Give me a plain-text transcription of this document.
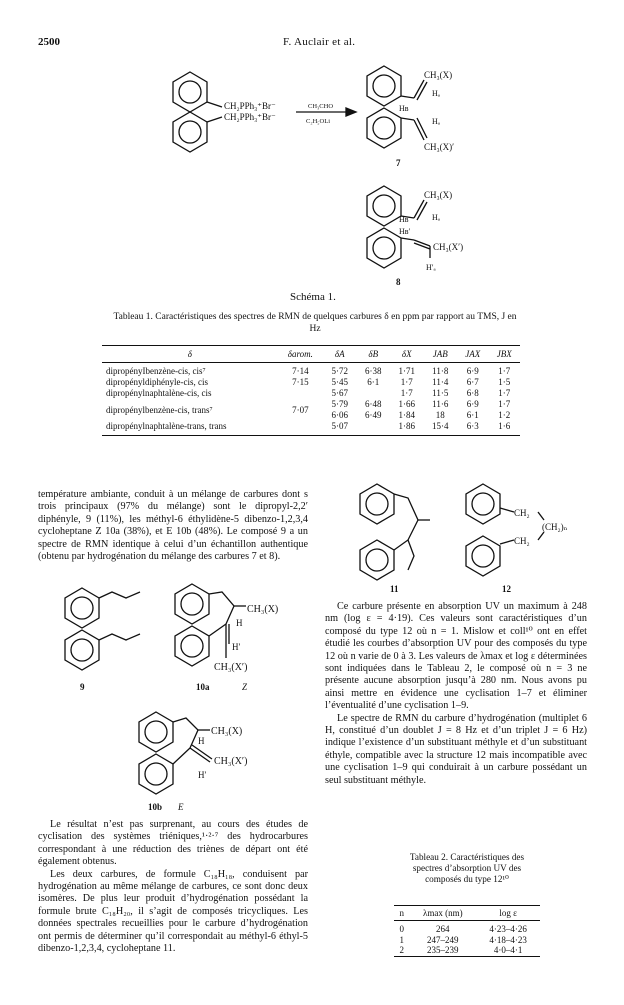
2500	F. Auclair et al.
CH₂PPh₃⁺Br⁻
CH₂PPh₃⁺Br⁻
CH₃CHO
C₂H₅OLi
CH₃(X)
Hₐ
Hʙ
Hₐ
CH₃(X)′
7
CH₃(X)
Hʙ	Hₐ
Hʙ′
CH₃(X′)
H′ₐ
8
Schéma 1.
Tableau 1. Caractéristiques des spectres de RMN de quelques carbures δ en ppm par rapport au TMS, J en Hz
δ	δarom.	δA	δB	δX	JAB	JAX	JBX
dipropényIbenzène-cis, cis⁷	7·14	5·72	6·38	1·71	11·8	6·9	1·7
dipropényldiphényle-cis, cis	7·15	5·45	6·1	1·7	11·4	6·7	1·5
dipropénylnaphtalène-cis, cis		5·67		1·7	11·5	6·8	1·7
dipropénylbenzène-cis, trans⁷	7·07	5·79	6·48	1·66	11·6	6·9	1·7
		6·06	6·49	1·84	18	6·1	1·2
dipropénylnaphtalène-trans, trans		5·07		1·86	15·4	6·3	1·6
température ambiante, conduit à un mélange de carbures dont s trois principaux (97% du mélange) sont le dipropyl-2,2′ diphényle, 9 (11%), les méthyl-6 éthylidène-5 dibenzo-1,2,3,4 cycloheptane Z 10a (38%), et E 10b (48%). Le composé 9 a un spectre de RMN identique à celui d’un échantillon authentique (obtenu par hydrogénation du mélange des carbures 7 et 8).
9
CH₃(X)
H
H′
CH₃(X′)
10a	Z
CH₃(X)
H
CH₃(X′)
H′
10b E
11
CH₂
(CH₂)ₙ
CH₂
12
Le résultat n’est pas surprenant, au cours des études de cyclisation des systèmes triéniques,¹·²·⁷ des hydrocarbures correspondant à une réduction des triènes de départ ont été également obtenus.
Les deux carbures, de formule C₁₈H₁₈, conduisent par hydrogénation au même mélange de carbures, ce sont donc deux isomères. De plus leur produit d’hydrogénation possédant la formule brute C₁₈H₂₀, il s’agit de composés tricycliques. Les données spectrales recueillies pour le carbure d’hydrogénation ont permis de déterminer qu’il correspondait au méthyl-6 éthyl-5 dibenzo-1,2,3,4, cycloheptane 11.
Ce carbure présente en absorption UV un maximum à 248 nm (log ε = 4·19). Ces valeurs sont caractéristiques d’un composé du type 12 où n = 1. Mislow et coll¹⁰ ont en effet étudié les courbes d’absorption UV pour des composés du type 12 où n varie de 0 à 3. Les valeurs de λmax et log ε déterminées sont indiquées dans le Tableau 2, le composé où n = 3 ne présente aucune absorption jusqu’à 280 nm. Nous avons pu ainsi mettre en évidence une cyclisation 1–7 et éliminer l’éventualité d’une cyclisation 1–9.
Le spectre de RMN du carbure d’hydrogénation (multiplet 6 H, constitué d’un doublet J = 8 Hz et d’un triplet J = 6 Hz) indique l’existence d’un substituant méthyle et d’un substituant éthyle, compatible avec la structure 12 mais incompatible avec une cyclisation 1–9 qui conduirait à un carbure possédant un seul substituant méthyle.
Tableau 2. Caractéristiques des spectres d’absorption UV des composés du type 12¹⁰
n	λmax (nm)	log ε
0	264	4·23–4·26
1	247–249	4·18–4·23
2	235–239	4·0–4·1
